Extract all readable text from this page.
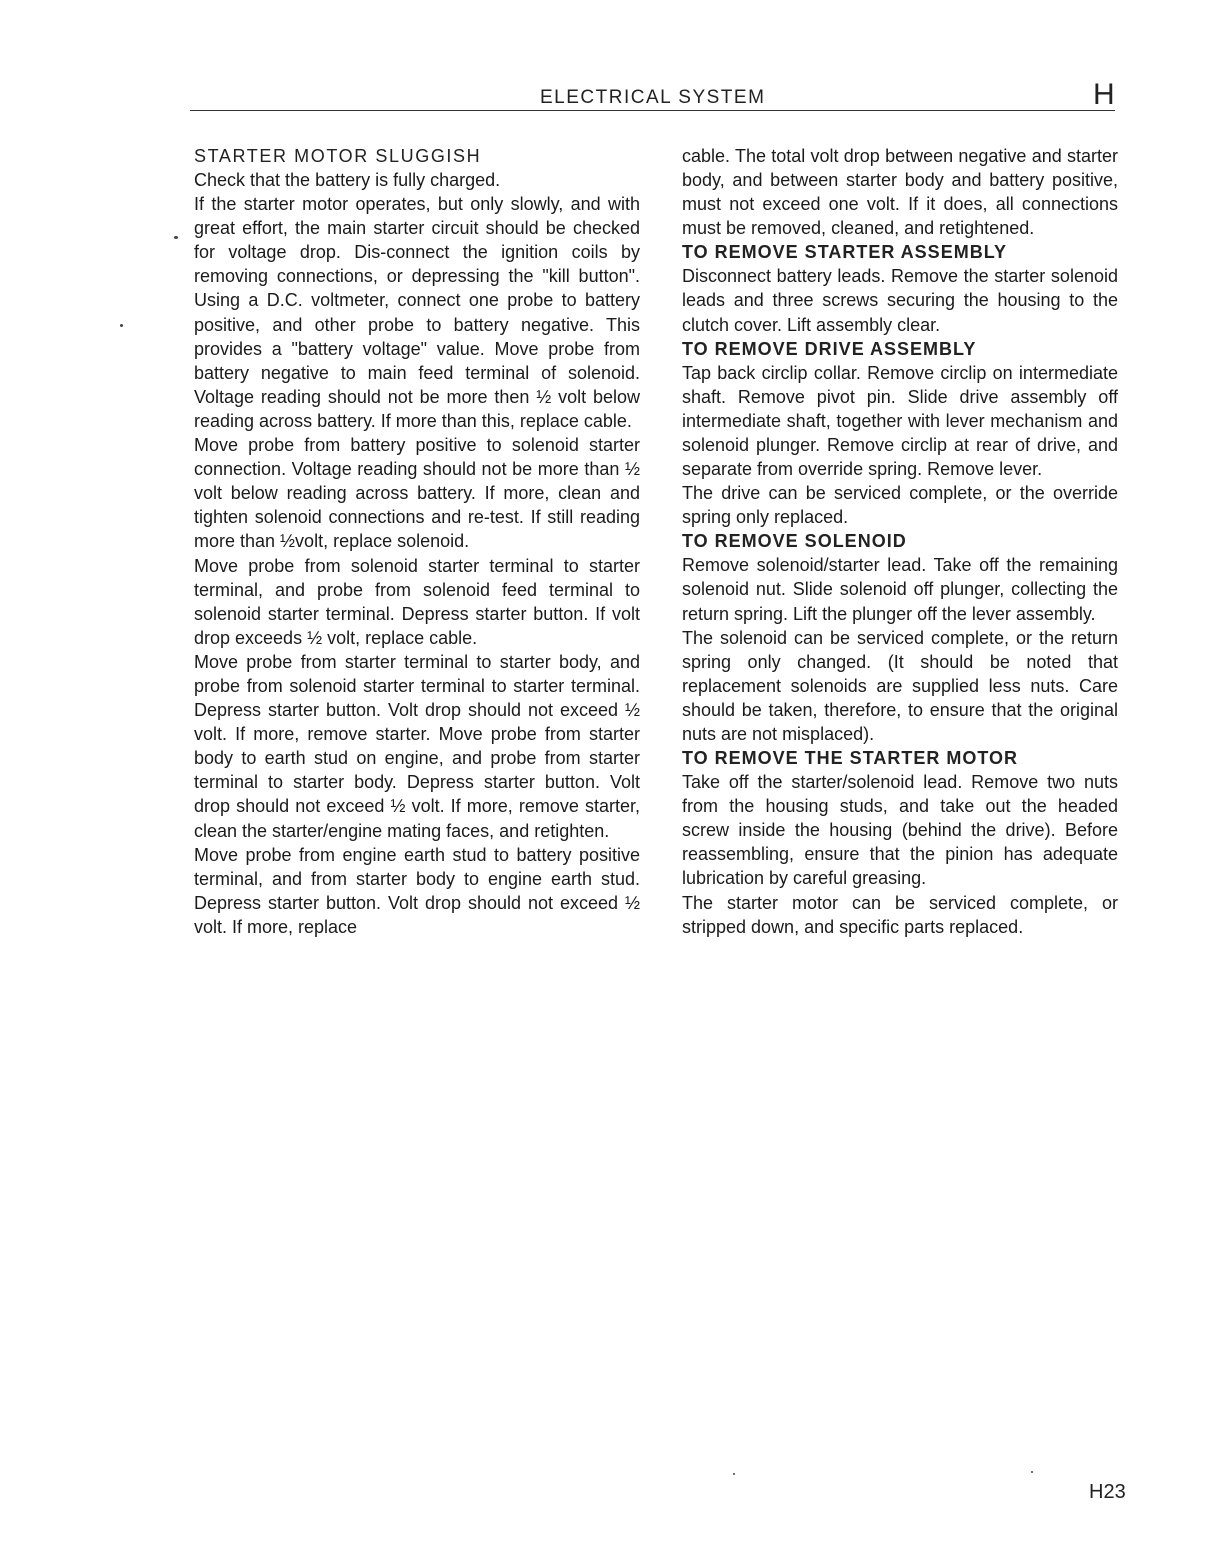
ELECTRICAL SYSTEM	H
STARTER MOTOR SLUGGISH

Check that the battery is fully charged.

If the starter motor operates, but only slowly, and with great effort, the main starter circuit should be checked for voltage drop. Dis-connect the ignition coils by removing connections, or depressing the "kill button". Using a D.C. voltmeter, connect one probe to battery positive, and other probe to battery negative. This provides a "battery voltage" value. Move probe from battery negative to main feed terminal of solenoid. Voltage reading should not be more then ½ volt below reading across battery. If more than this, replace cable.

Move probe from battery positive to solenoid starter connection. Voltage reading should not be more than ½ volt below reading across battery. If more, clean and tighten solenoid connections and re-test. If still reading more than ½volt, replace solenoid.

Move probe from solenoid starter terminal to starter terminal, and probe from solenoid feed terminal to solenoid starter terminal. Depress starter button. If volt drop exceeds ½ volt, replace cable.

Move probe from starter terminal to starter body, and probe from solenoid starter terminal to starter terminal. Depress starter button. Volt drop should not exceed ½ volt. If more, remove starter. Move probe from starter body to earth stud on engine, and probe from starter terminal to starter body. Depress starter button. Volt drop should not exceed ½ volt. If more, remove starter, clean the starter/engine mating faces, and retighten.

Move probe from engine earth stud to battery positive terminal, and from starter body to engine earth stud. Depress starter button. Volt drop should not exceed ½ volt. If more, replace

cable. The total volt drop between negative and starter body, and between starter body and battery positive, must not exceed one volt. If it does, all connections must be removed, cleaned, and retightened.

TO REMOVE STARTER ASSEMBLY

Disconnect battery leads. Remove the starter solenoid leads and three screws securing the housing to the clutch cover. Lift assembly clear.

TO REMOVE DRIVE ASSEMBLY

Tap back circlip collar. Remove circlip on intermediate shaft. Remove pivot pin. Slide drive assembly off intermediate shaft, together with lever mechanism and solenoid plunger. Remove circlip at rear of drive, and separate from override spring. Remove lever.

The drive can be serviced complete, or the override spring only replaced.

TO REMOVE SOLENOID

Remove solenoid/starter lead. Take off the remaining solenoid nut. Slide solenoid off plunger, collecting the return spring. Lift the plunger off the lever assembly.

The solenoid can be serviced complete, or the return spring only changed. (It should be noted that replacement solenoids are supplied less nuts. Care should be taken, therefore, to ensure that the original nuts are not misplaced).

TO REMOVE THE STARTER MOTOR

Take off the starter/solenoid lead. Remove two nuts from the housing studs, and take out the headed screw inside the housing (behind the drive). Before reassembling, ensure that the pinion has adequate lubrication by careful greasing.

The starter motor can be serviced complete, or stripped down, and specific parts replaced.

H23
